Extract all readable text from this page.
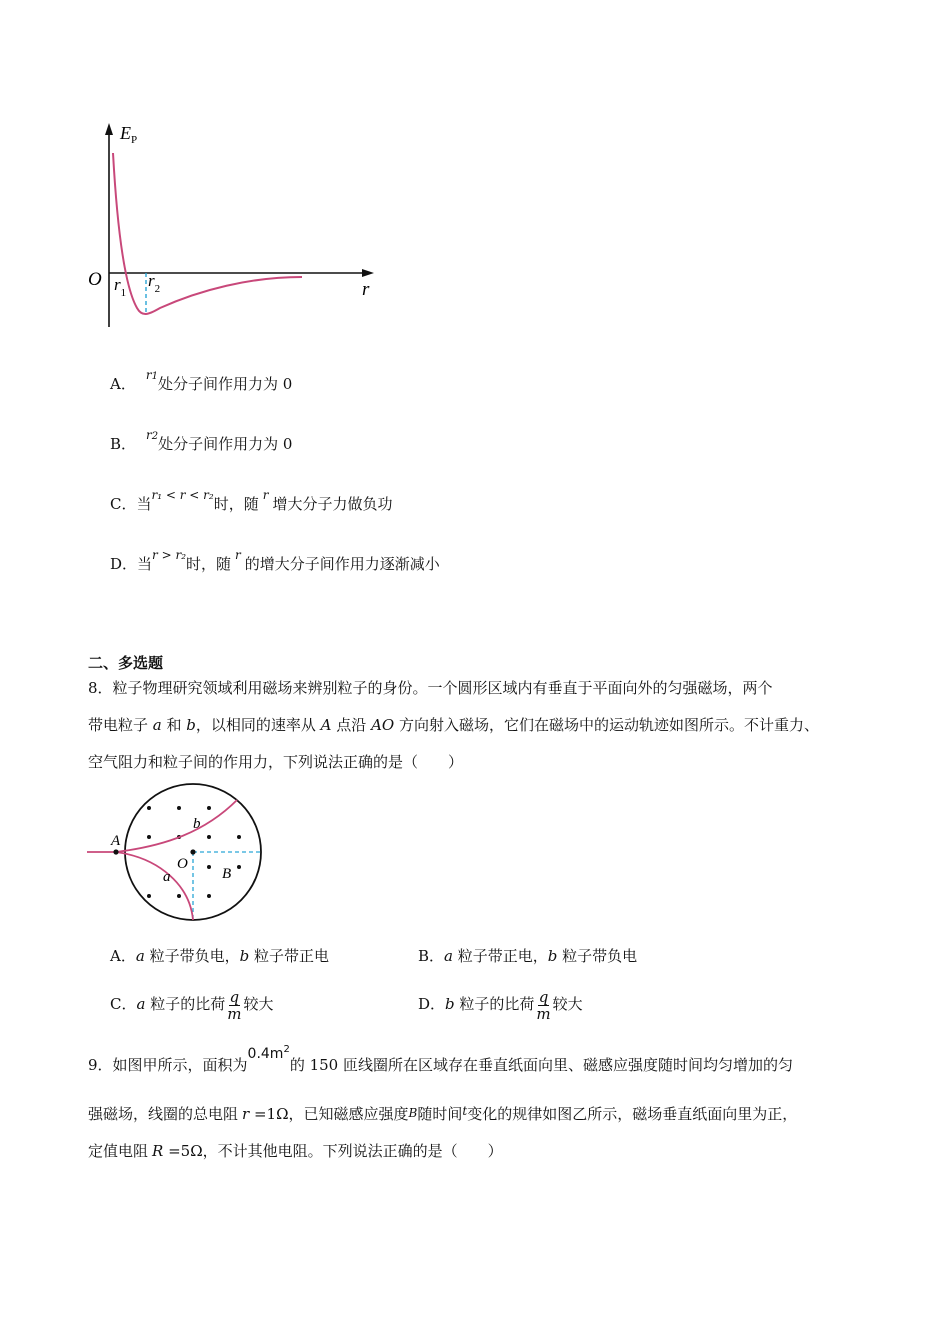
$E_P$
O $r_1$
$r_2$	r
A． $^{r1}$处分子间作用力为 0
B． $^{r2}$处分子间作用力为 0
C．当$^{r_1 < r < r_2}$时，随 $^r$ 增大分子力做负功
D．当$^{r > r_2}$时，随 $^r$ 的增大分子间作用力逐渐减小
二、多选题
8．粒子物理研究领域利用磁场来辨别粒子的身份。一个圆形区域内有垂直于平面向外的匀强磁场，两个
带电粒子 a 和 b，以相同的速率从 A 点沿 AO 方向射入磁场，它们在磁场中的运动轨迹如图所示。不计重力、
空气阻力和粒子间的作用力，下列说法正确的是（　　）
A
O
b
a	B
A．a 粒子带负电，b 粒子带正电	B．a 粒子带正电，b 粒子带负电
C．a 粒子的比荷 $\frac{q}{m}$ 较大	D．b 粒子的比荷 $\frac{q}{m}$ 较大
9．如图甲所示，面积为$0.4m^2$的 150 匝线圈所在区域存在垂直纸面向里、磁感应强度随时间均匀增加的匀
强磁场，线圈的总电阻 r =1Ω，已知磁感应强度B随时间$^t$变化的规律如图乙所示，磁场垂直纸面向里为正，
定值电阻 R =5Ω，不计其他电阻。下列说法正确的是（　　）
